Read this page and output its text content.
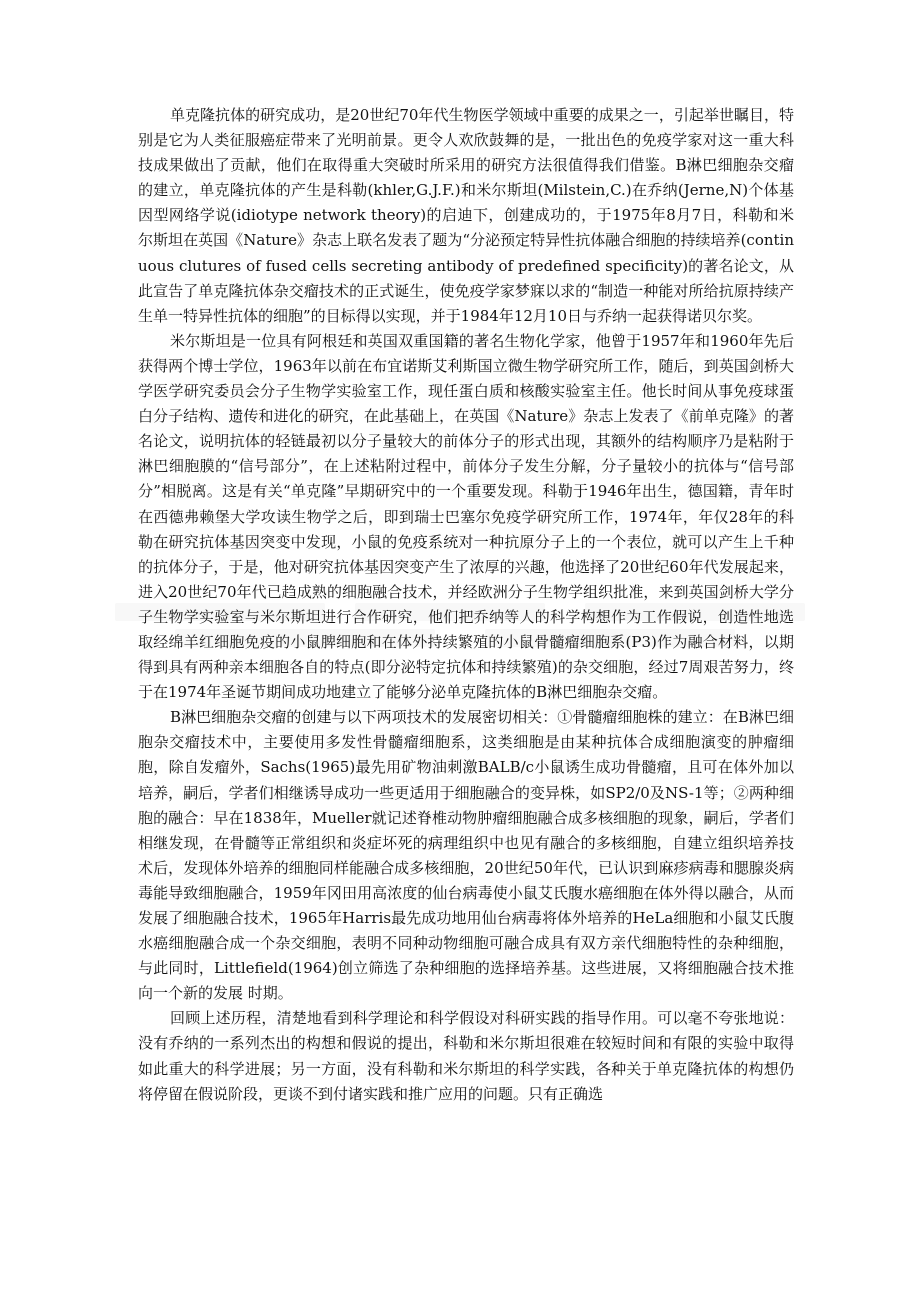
单克隆抗体的研究成功，是20世纪70年代生物医学领域中重要的成果之一，引起举世瞩目，特别是它为人类征服癌症带来了光明前景。更令人欢欣鼓舞的是，一批出色的免疫学家对这一重大科技成果做出了贡献，他们在取得重大突破时所采用的研究方法很值得我们借鉴。B淋巴细胞杂交瘤的建立，单克隆抗体的产生是科勒(khler,G.J.F.)和米尔斯坦(Milstein,C.)在乔纳(Jerne,N)个体基因型网络学说(idiotype network theory)的启迪下，创建成功的，于1975年8月7日，科勒和米尔斯坦在英国《Nature》杂志上联名发表了题为“分泌预定特异性抗体融合细胞的持续培养(continuous clutures of fused cells secreting antibody of predefined specificity)的著名论文，从此宣告了单克隆抗体杂交瘤技术的正式诞生，使免疫学家梦寐以求的“制造一种能对所给抗原持续产生单一特异性抗体的细胞”的目标得以实现，并于1984年12月10日与乔纳一起获得诺贝尔奖。

米尔斯坦是一位具有阿根廷和英国双重国籍的著名生物化学家，他曾于1957年和1960年先后获得两个博士学位，1963年以前在布宜诺斯艾利斯国立微生物学研究所工作，随后，到英国剑桥大学医学研究委员会分子生物学实验室工作，现任蛋白质和核酸实验室主任。他长时间从事免疫球蛋白分子结构、遗传和进化的研究，在此基础上，在英国《Nature》杂志上发表了《前单克隆》的著名论文，说明抗体的轻链最初以分子量较大的前体分子的形式出现，其额外的结构顺序乃是粘附于淋巴细胞膜的“信号部分”，在上述粘附过程中，前体分子发生分解，分子量较小的抗体与“信号部分”相脱离。这是有关“单克隆”早期研究中的一个重要发现。科勒于1946年出生，德国籍，青年时在西德弗赖堡大学攻读生物学之后，即到瑞士巴塞尔免疫学研究所工作，1974年，年仅28年的科勒在研究抗体基因突变中发现，小鼠的免疫系统对一种抗原分子上的一个表位，就可以产生上千种的抗体分子，于是，他对研究抗体基因突变产生了浓厚的兴趣，他选择了20世纪60年代发展起来，进入20世纪70年代已趋成熟的细胞融合技术，并经欧洲分子生物学组织批准，来到英国剑桥大学分子生物学实验室与米尔斯坦进行合作研究，他们把乔纳等人的科学构想作为工作假说，创造性地选取经绵羊红细胞免疫的小鼠脾细胞和在体外持续繁殖的小鼠骨髓瘤细胞系(P3)作为融合材料，以期得到具有两种亲本细胞各自的特点(即分泌特定抗体和持续繁殖)的杂交细胞，经过7周艰苦努力，终于在1974年圣诞节期间成功地建立了能够分泌单克隆抗体的B淋巴细胞杂交瘤。

B淋巴细胞杂交瘤的创建与以下两项技术的发展密切相关：①骨髓瘤细胞株的建立：在B淋巴细胞杂交瘤技术中，主要使用多发性骨髓瘤细胞系，这类细胞是由某种抗体合成细胞演变的肿瘤细胞，除自发瘤外，Sachs(1965)最先用矿物油刺激BALB/c小鼠诱生成功骨髓瘤，且可在体外加以培养，嗣后，学者们相继诱导成功一些更适用于细胞融合的变异株，如SP2/0及NS-1等；②两种细胞的融合：早在1838年，Mueller就记述脊椎动物肿瘤细胞融合成多核细胞的现象，嗣后，学者们相继发现，在骨髓等正常组织和炎症坏死的病理组织中也见有融合的多核细胞，自建立组织培养技术后，发现体外培养的细胞同样能融合成多核细胞，20世纪50年代，已认识到麻疹病毒和腮腺炎病毒能导致细胞融合，1959年冈田用高浓度的仙台病毒使小鼠艾氏腹水癌细胞在体外得以融合，从而发展了细胞融合技术，1965年Harris最先成功地用仙台病毒将体外培养的HeLa细胞和小鼠艾氏腹水癌细胞融合成一个杂交细胞，表明不同种动物细胞可融合成具有双方亲代细胞特性的杂种细胞，与此同时，Littlefield(1964)创立筛选了杂种细胞的选择培养基。这些进展，又将细胞融合技术推向一个新的发展 时期。

回顾上述历程，清楚地看到科学理论和科学假设对科研实践的指导作用。可以毫不夸张地说：没有乔纳的一系列杰出的构想和假说的提出，科勒和米尔斯坦很难在较短时间和有限的实验中取得如此重大的科学进展；另一方面，没有科勒和米尔斯坦的科学实践，各种关于单克隆抗体的构想仍将停留在假说阶段，更谈不到付诸实践和推广应用的问题。只有正确选
